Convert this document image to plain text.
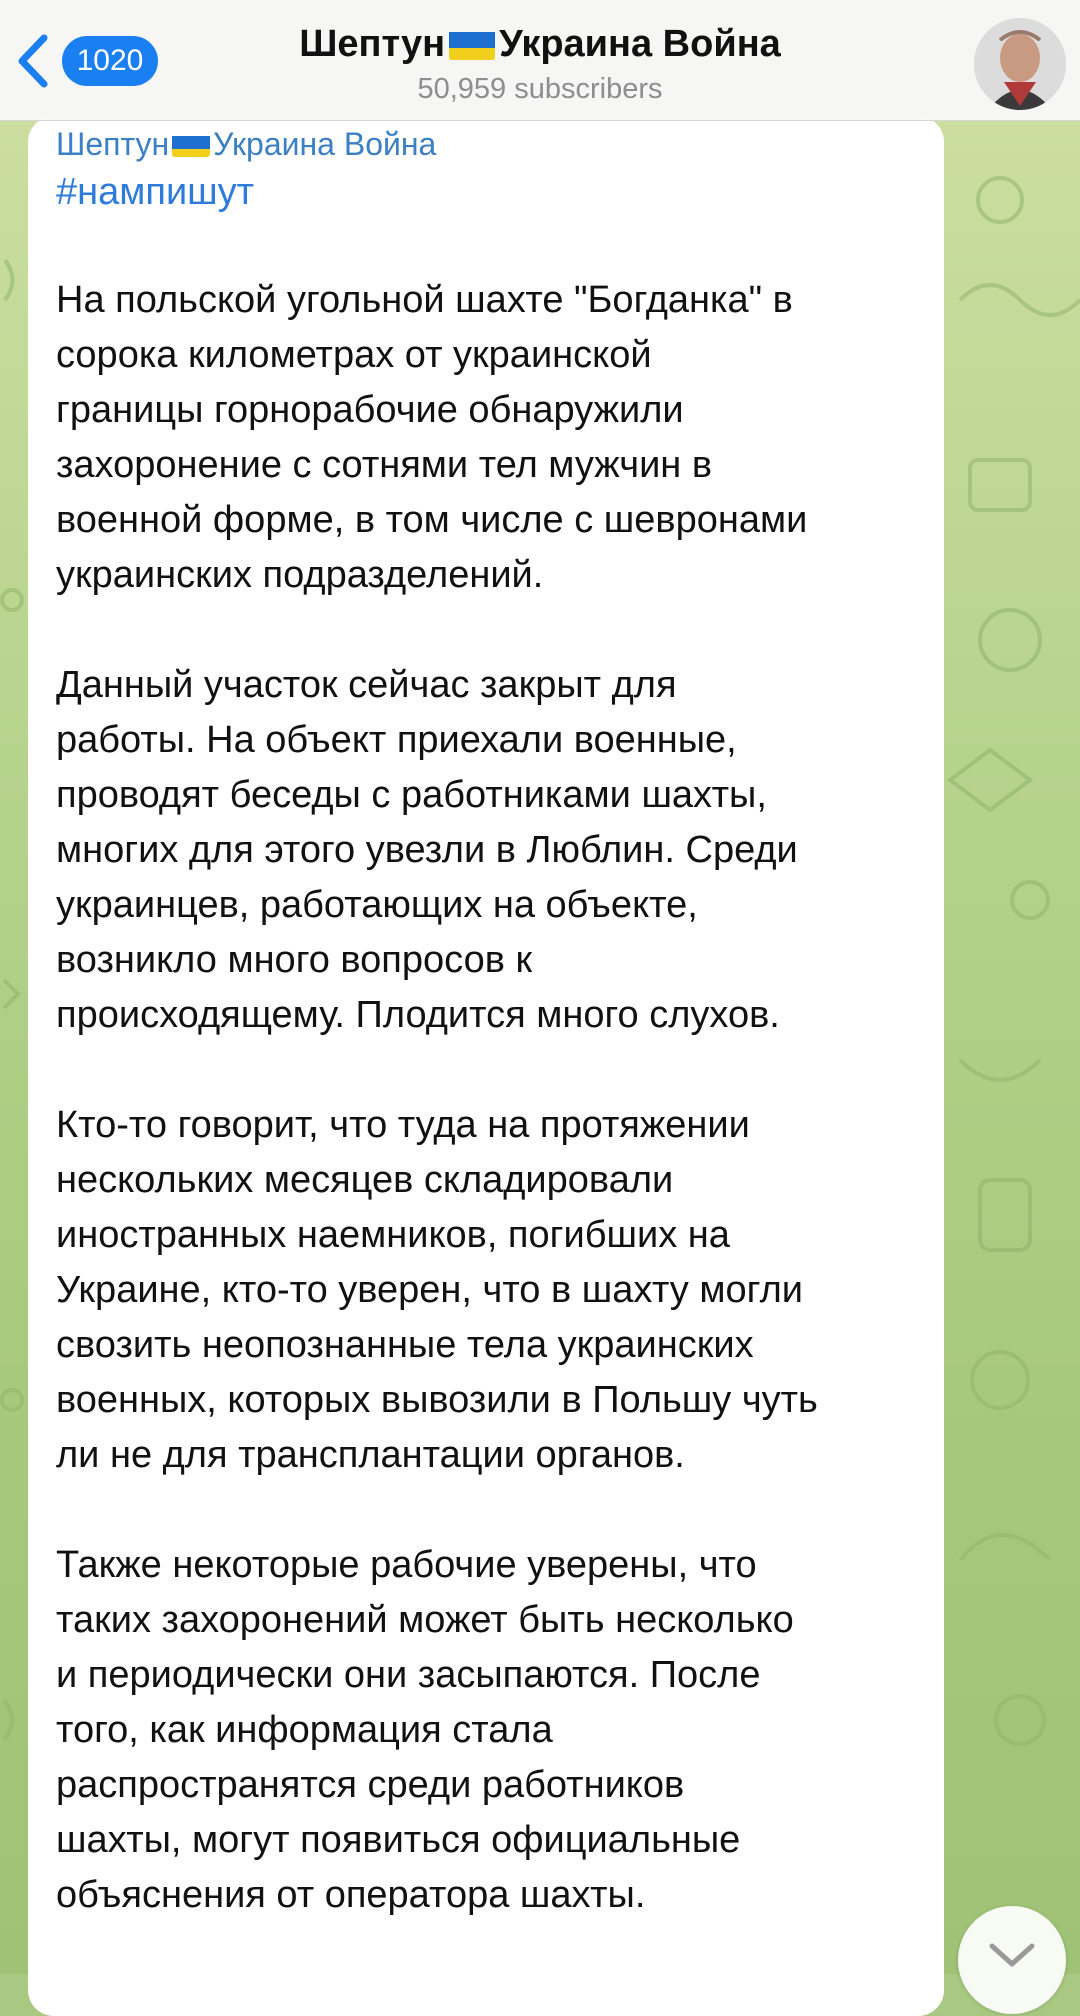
1020	Шептун Украина Война
50,959 subscribers
Шептун Украина Война
#нампишут
На польской угольной шахте "Богданка" в
сорока километрах от украинской
границы горнорабочие обнаружили
захоронение с сотнями тел мужчин в
военной форме, в том числе с шевронами
украинских подразделений.
Данный участок сейчас закрыт для
работы. На объект приехали военные,
проводят беседы с работниками шахты,
многих для этого увезли в Люблин. Среди
украинцев, работающих на объекте,
возникло много вопросов к
происходящему. Плодится много слухов.
Кто-то говорит, что туда на протяжении
нескольких месяцев складировали
иностранных наемников, погибших на
Украине, кто-то уверен, что в шахту могли
свозить неопознанные тела украинских
военных, которых вывозили в Польшу чуть
ли не для трансплантации органов.
Также некоторые рабочие уверены, что
таких захоронений может быть несколько
и периодически они засыпаются. После
того, как информация стала
распространятся среди работников
шахты, могут появиться официальные
объяснения от оператора шахты.
